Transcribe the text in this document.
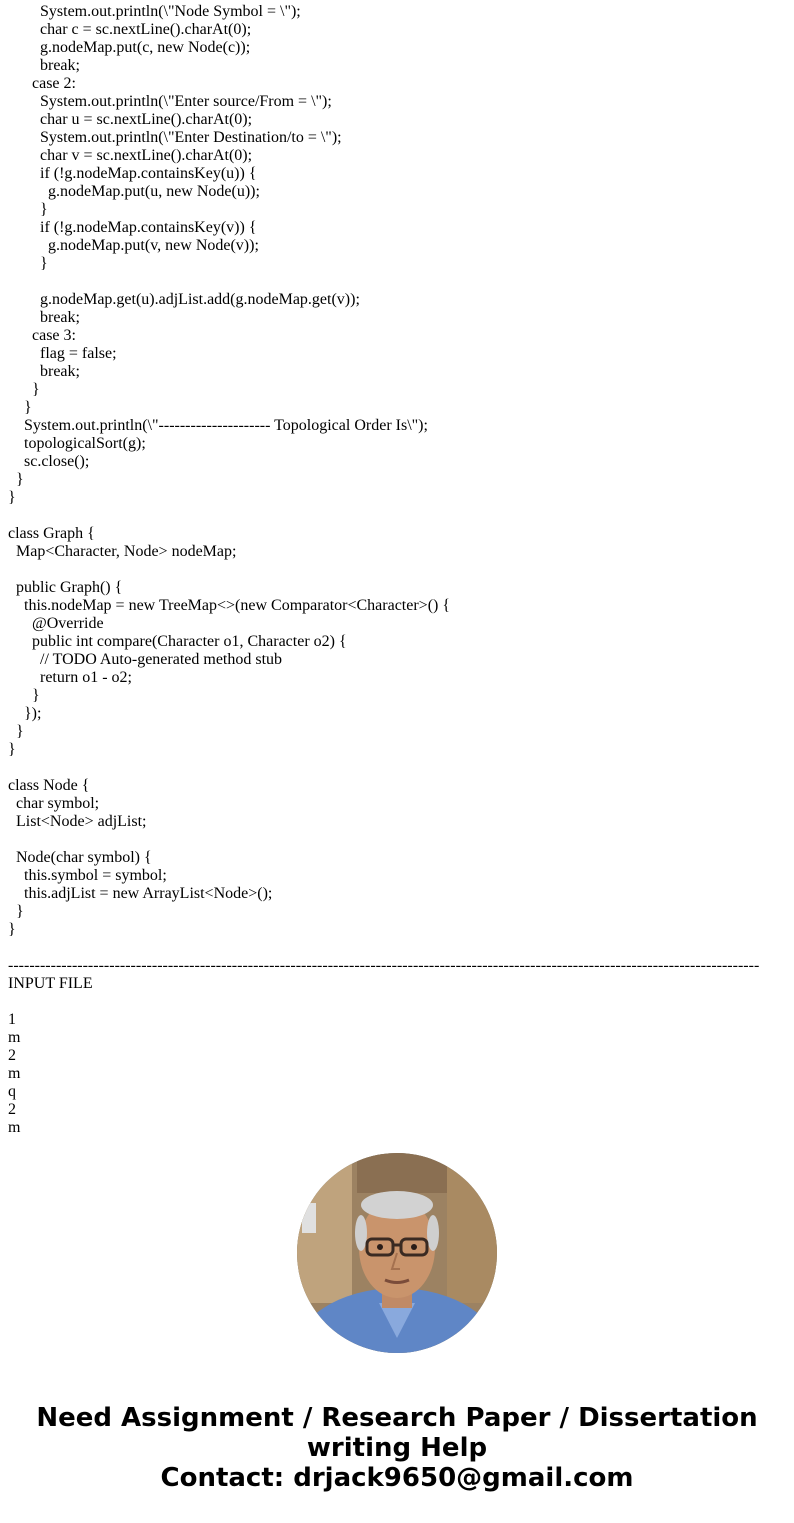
System.out.println(\"Node Symbol = \");
char c = sc.nextLine().charAt(0);
g.nodeMap.put(c, new Node(c));
break;
case 2:
System.out.println(\"Enter source/From = \");
char u = sc.nextLine().charAt(0);
System.out.println(\"Enter Destination/to = \");
char v = sc.nextLine().charAt(0);
if (!g.nodeMap.containsKey(u)) {
g.nodeMap.put(u, new Node(u));
}
if (!g.nodeMap.containsKey(v)) {
g.nodeMap.put(v, new Node(v));
}
g.nodeMap.get(u).adjList.add(g.nodeMap.get(v));
break;
case 3:
flag = false;
break;
}
}
System.out.println(\"--------------------- Topological Order Is\");
topologicalSort(g);
sc.close();
}
}
class Graph {
Map<Character, Node> nodeMap;
public Graph() {
this.nodeMap = new TreeMap<>(new Comparator<Character>() {
@Override
public int compare(Character o1, Character o2) {
// TODO Auto-generated method stub
return o1 - o2;
}
});
}
}
class Node {
char symbol;
List<Node> adjList;
Node(char symbol) {
this.symbol = symbol;
this.adjList = new ArrayList<Node>();
}
}
--------------------------------------------------------------------------------------------------------------------------------------------- INPUT FILE
1
m
2
m
q
2
m
Need Assignment / Research Paper / Dissertation
writing Help
Contact: drjack9650@gmail.com
